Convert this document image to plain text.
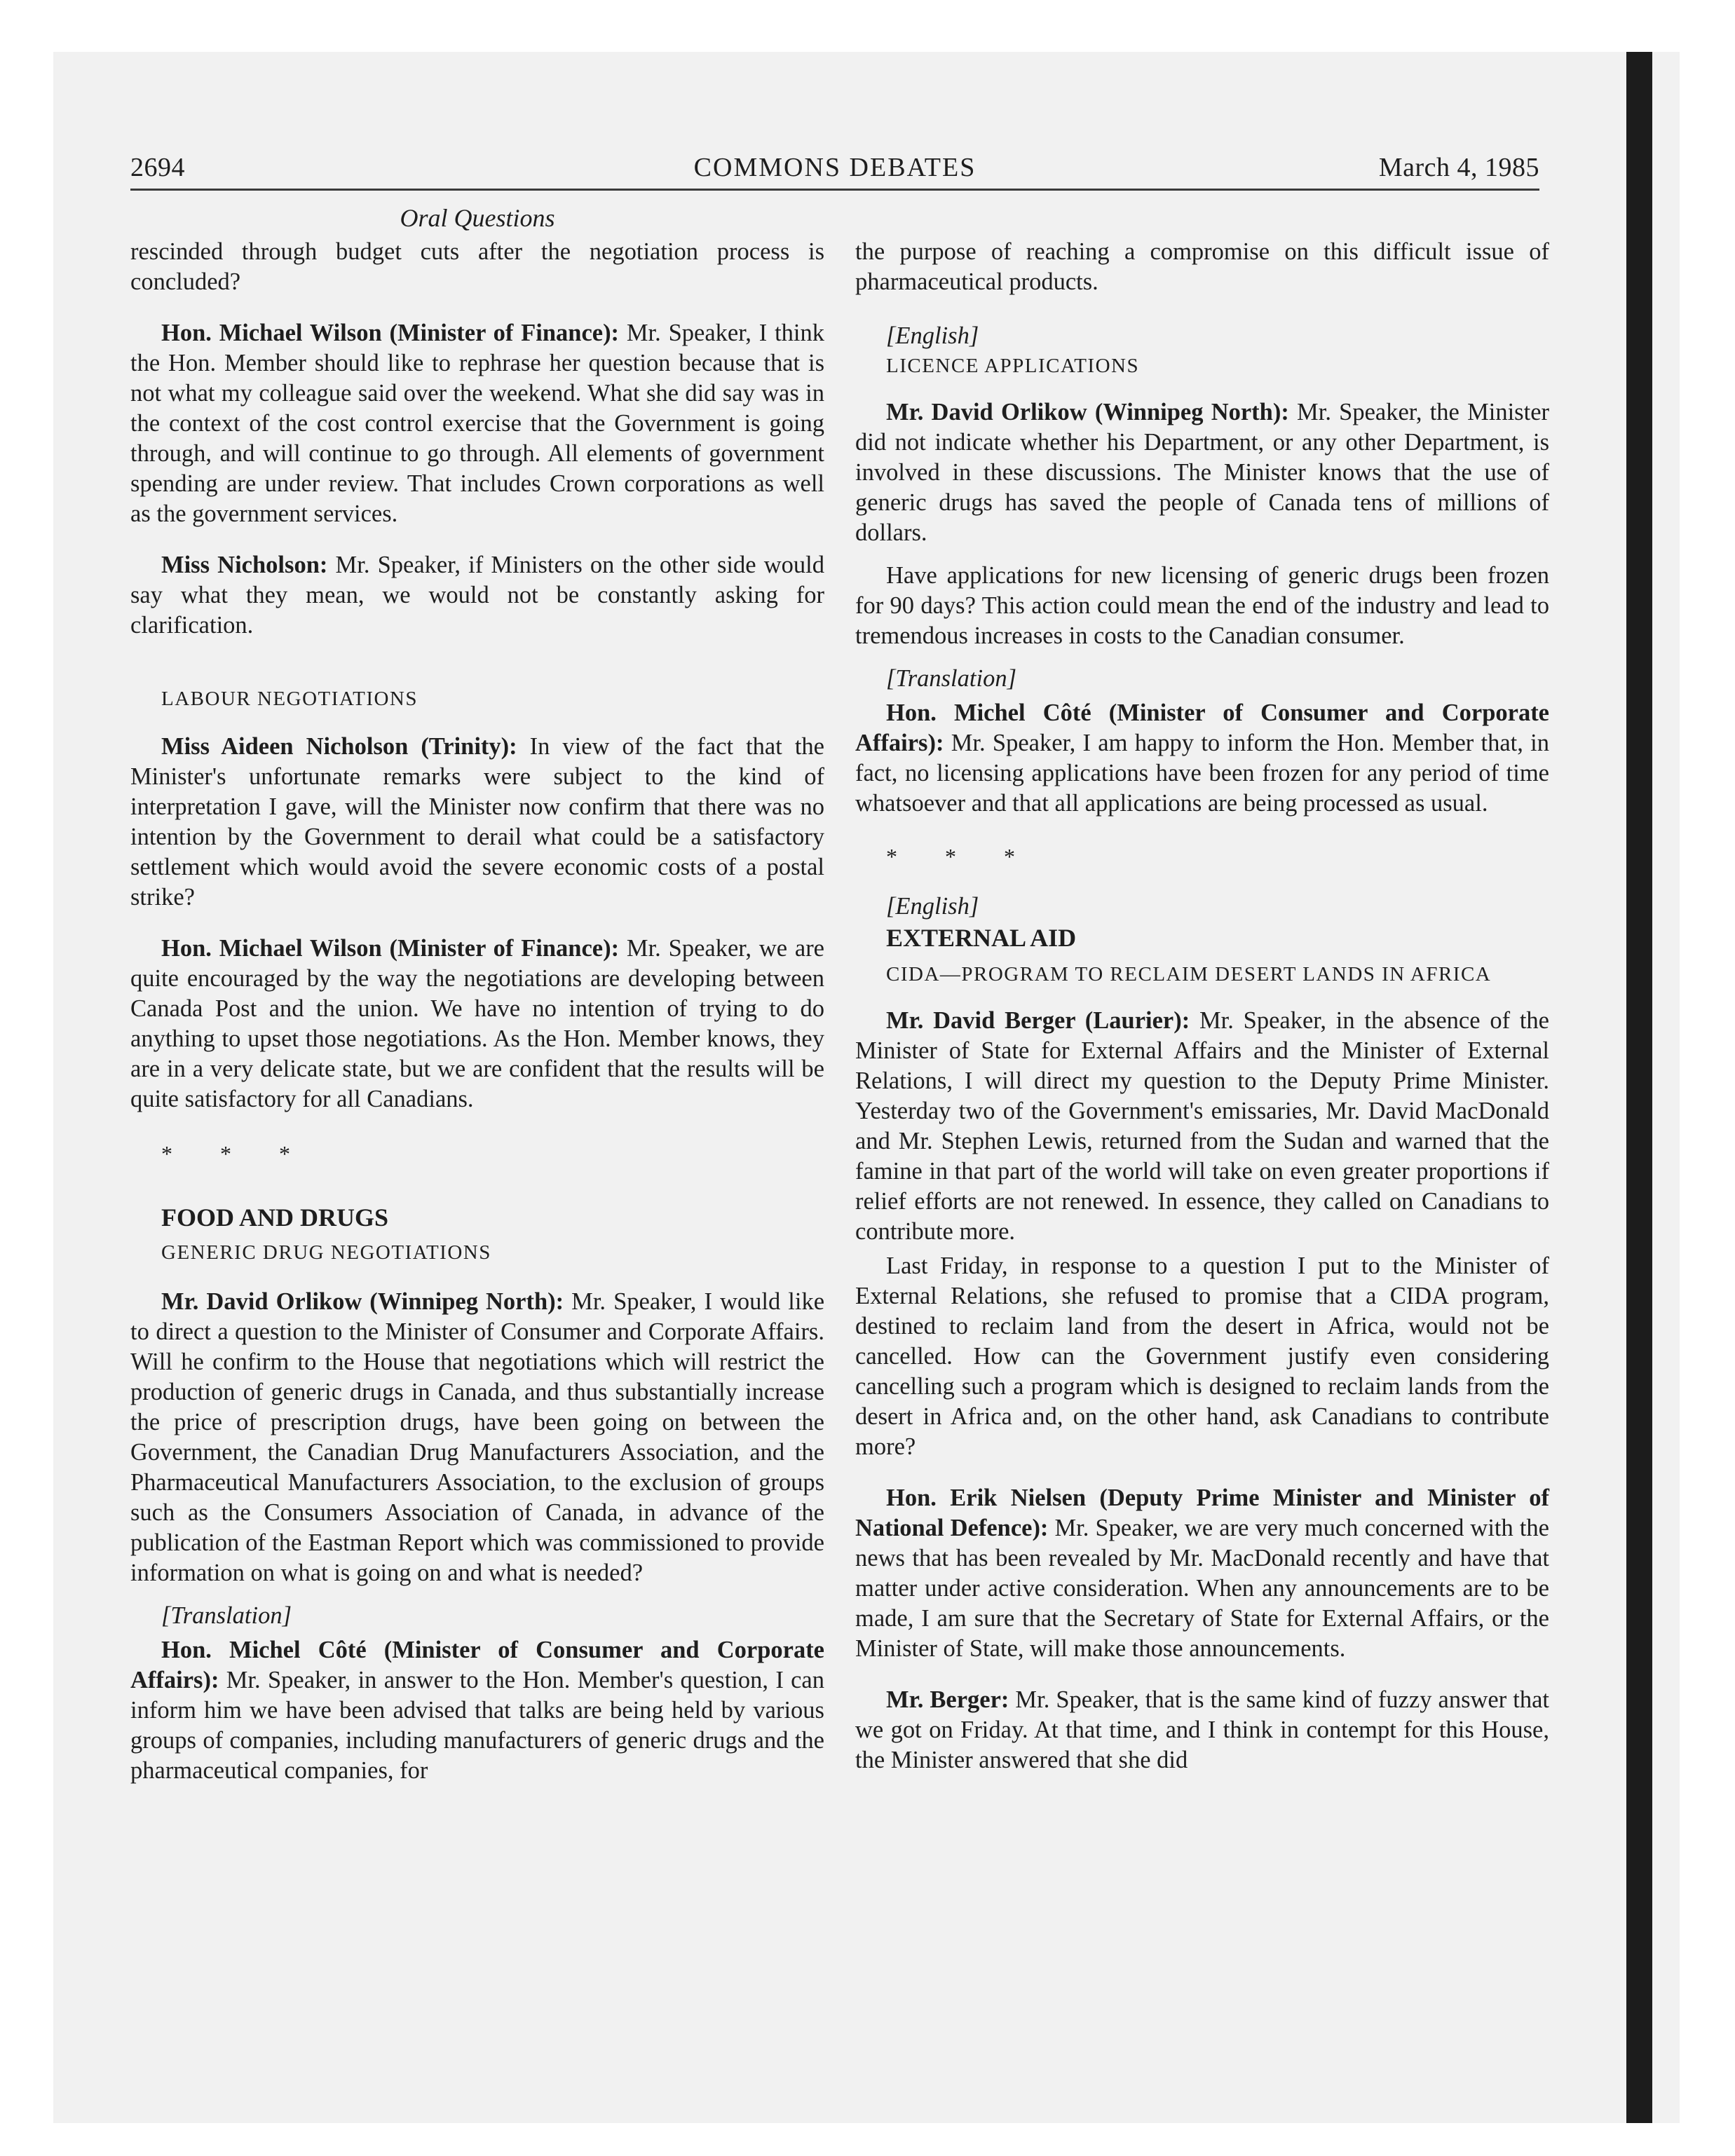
2694	COMMONS DEBATES	March 4, 1985
Oral Questions

rescinded through budget cuts after the negotiation process is concluded?

Hon. Michael Wilson (Minister of Finance): Mr. Speaker, I think the Hon. Member should like to rephrase her question because that is not what my colleague said over the weekend. What she did say was in the context of the cost control exercise that the Government is going through, and will continue to go through. All elements of government spending are under review. That includes Crown corporations as well as the government services.

Miss Nicholson: Mr. Speaker, if Ministers on the other side would say what they mean, we would not be constantly asking for clarification.

LABOUR NEGOTIATIONS

Miss Aideen Nicholson (Trinity): In view of the fact that the Minister's unfortunate remarks were subject to the kind of interpretation I gave, will the Minister now confirm that there was no intention by the Government to derail what could be a satisfactory settlement which would avoid the severe economic costs of a postal strike?

Hon. Michael Wilson (Minister of Finance): Mr. Speaker, we are quite encouraged by the way the negotiations are developing between Canada Post and the union. We have no intention of trying to do anything to upset those negotiations. As the Hon. Member knows, they are in a very delicate state, but we are confident that the results will be quite satisfactory for all Canadians.

* * *

FOOD AND DRUGS

GENERIC DRUG NEGOTIATIONS

Mr. David Orlikow (Winnipeg North): Mr. Speaker, I would like to direct a question to the Minister of Consumer and Corporate Affairs. Will he confirm to the House that negotiations which will restrict the production of generic drugs in Canada, and thus substantially increase the price of prescription drugs, have been going on between the Government, the Canadian Drug Manufacturers Association, and the Pharmaceutical Manufacturers Association, to the exclusion of groups such as the Consumers Association of Canada, in advance of the publication of the Eastman Report which was commissioned to provide information on what is going on and what is needed?

[Translation]

Hon. Michel Côté (Minister of Consumer and Corporate Affairs): Mr. Speaker, in answer to the Hon. Member's question, I can inform him we have been advised that talks are being held by various groups of companies, including manufacturers of generic drugs and the pharmaceutical companies, for

the purpose of reaching a compromise on this difficult issue of pharmaceutical products.

[English]

LICENCE APPLICATIONS

Mr. David Orlikow (Winnipeg North): Mr. Speaker, the Minister did not indicate whether his Department, or any other Department, is involved in these discussions. The Minister knows that the use of generic drugs has saved the people of Canada tens of millions of dollars.

Have applications for new licensing of generic drugs been frozen for 90 days? This action could mean the end of the industry and lead to tremendous increases in costs to the Canadian consumer.

[Translation]

Hon. Michel Côté (Minister of Consumer and Corporate Affairs): Mr. Speaker, I am happy to inform the Hon. Member that, in fact, no licensing applications have been frozen for any period of time whatsoever and that all applications are being processed as usual.

* * *

[English]

EXTERNAL AID

CIDA—PROGRAM TO RECLAIM DESERT LANDS IN AFRICA

Mr. David Berger (Laurier): Mr. Speaker, in the absence of the Minister of State for External Affairs and the Minister of External Relations, I will direct my question to the Deputy Prime Minister. Yesterday two of the Government's emissaries, Mr. David MacDonald and Mr. Stephen Lewis, returned from the Sudan and warned that the famine in that part of the world will take on even greater proportions if relief efforts are not renewed. In essence, they called on Canadians to contribute more.

Last Friday, in response to a question I put to the Minister of External Relations, she refused to promise that a CIDA program, destined to reclaim land from the desert in Africa, would not be cancelled. How can the Government justify even considering cancelling such a program which is designed to reclaim lands from the desert in Africa and, on the other hand, ask Canadians to contribute more?

Hon. Erik Nielsen (Deputy Prime Minister and Minister of National Defence): Mr. Speaker, we are very much concerned with the news that has been revealed by Mr. MacDonald recently and have that matter under active consideration. When any announcements are to be made, I am sure that the Secretary of State for External Affairs, or the Minister of State, will make those announcements.

Mr. Berger: Mr. Speaker, that is the same kind of fuzzy answer that we got on Friday. At that time, and I think in contempt for this House, the Minister answered that she did
